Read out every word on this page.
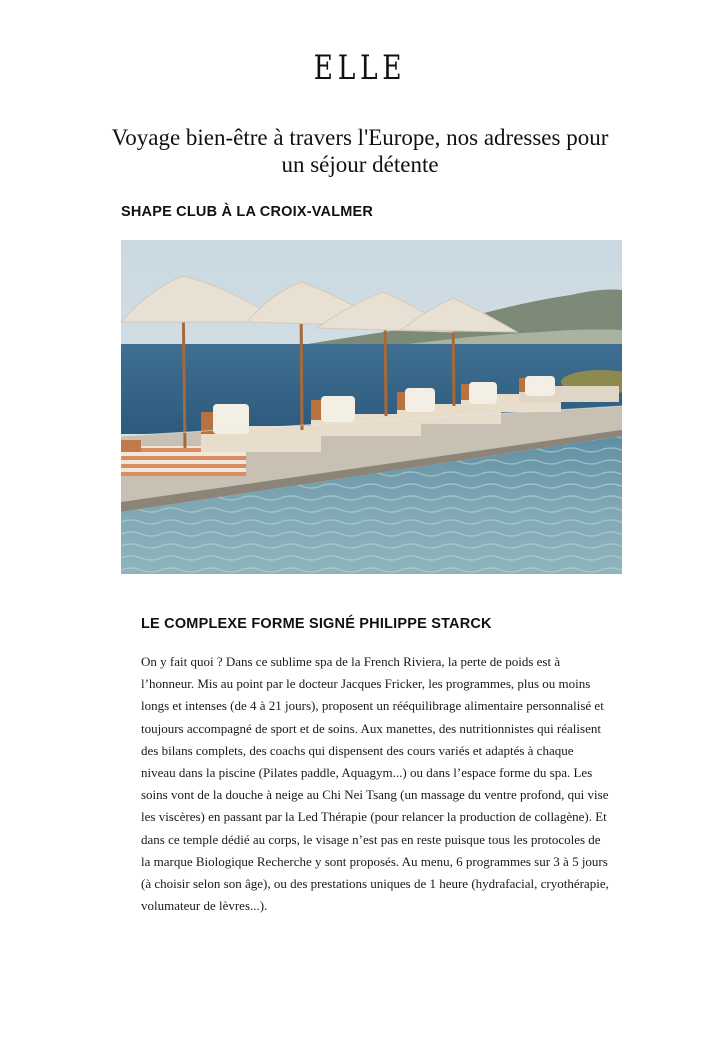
ELLE
Voyage bien-être à travers l'Europe, nos adresses pour un séjour détente
SHAPE CLUB À LA CROIX-VALMER
LE COMPLEXE FORME SIGNÉ PHILIPPE STARCK

On y fait quoi ? Dans ce sublime spa de la French Riviera, la perte de poids est à l’honneur. Mis au point par le docteur Jacques Fricker, les programmes, plus ou moins longs et intenses (de 4 à 21 jours), proposent un rééquilibrage alimentaire personnalisé et toujours accompagné de sport et de soins. Aux manettes, des nutritionnistes qui réalisent des bilans complets, des coachs qui dispensent des cours variés et adaptés à chaque niveau dans la piscine (Pilates paddle, Aquagym...) ou dans l’espace forme du spa. Les soins vont de la douche à neige au Chi Nei Tsang (un massage du ventre profond, qui vise les viscères) en passant par la Led Thérapie (pour relancer la production de collagène). Et dans ce temple dédié au corps, le visage n’est pas en reste puisque tous les protocoles de la marque Biologique Recherche y sont proposés. Au menu, 6 programmes sur 3 à 5 jours (à choisir selon son âge), ou des prestations uniques de 1 heure (hydrafacial, cryothérapie, volumateur de lèvres...).
